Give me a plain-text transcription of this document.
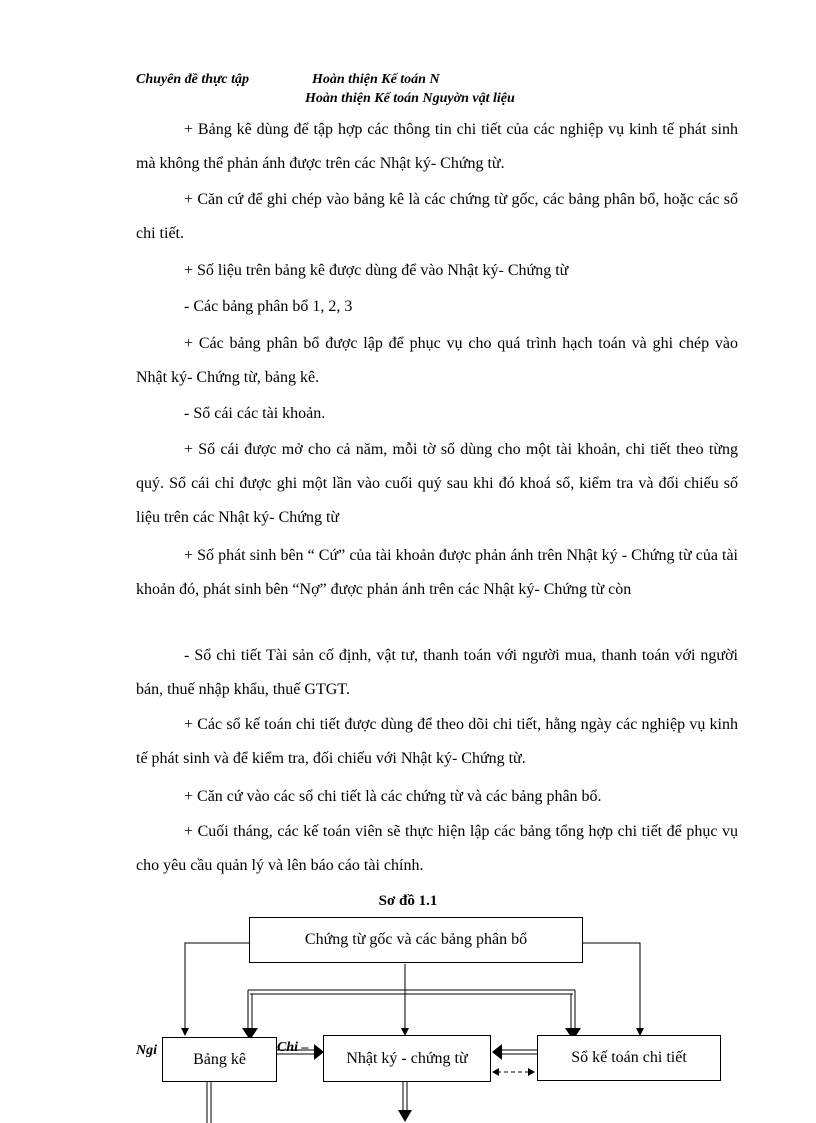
Chuyên đề thực tập	Hoàn thiện Kế toán N
Hoàn thiện Kế toán Nguyờn vật liệu
+ Bảng kê dùng để tập hợp các thông tin chi tiết của các nghiệp vụ kinh tế phát sinh mà không thể phản ánh được trên các Nhật ký- Chứng từ.
+ Căn cứ để ghi chép vào bảng kê là các chứng từ gốc, các bảng phân bổ, hoặc các sổ chi tiết.
+ Số liệu trên bảng kê được dùng để vào Nhật ký- Chứng từ
- Các bảng phân bổ 1, 2, 3
+ Các bảng phân bổ được lập để phục vụ cho quá trình hạch toán và ghi chép vào Nhật ký- Chứng từ, bảng kê.
- Sổ cái các tài khoản.
+ Sổ cái được mở cho cả năm, mỗi tờ sổ dùng cho một tài khoản, chi tiết theo từng quý. Sổ cái chỉ được ghi một lần vào cuối quý sau khi đó khoá sổ, kiểm tra và đối chiếu số liệu trên các Nhật ký- Chứng từ
+ Số phát sinh bên “ Cứ” của tài khoản được phản ánh trên Nhật ký - Chứng từ của tài khoản đó, phát sinh bên “Nợ” được phản ánh trên các Nhật ký- Chứng từ còn
- Sổ chi tiết Tài sản cố định, vật tư, thanh toán với người mua, thanh toán với người bán, thuế nhập khẩu, thuế GTGT.
+ Các sổ kế toán chi tiết được dùng để theo dõi chi tiết, hằng ngày các nghiệp vụ kinh tế phát sinh và để kiểm tra, đối chiếu với Nhật ký- Chứng từ.
+ Căn cứ vào các sổ chi tiết là các chứng từ và các bảng phân bổ.
+ Cuối tháng, các kế toán viên sẽ thực hiện lập các bảng tổng hợp chi tiết để phục vụ cho yêu cầu quản lý và lên báo cáo tài chính.
Sơ đồ 1.1
Chứng từ gốc và các bảng phân bổ
Ngi	Bảng kê
Chi –
Nhật ký - chứng từ	Sổ kế toán chi tiết
